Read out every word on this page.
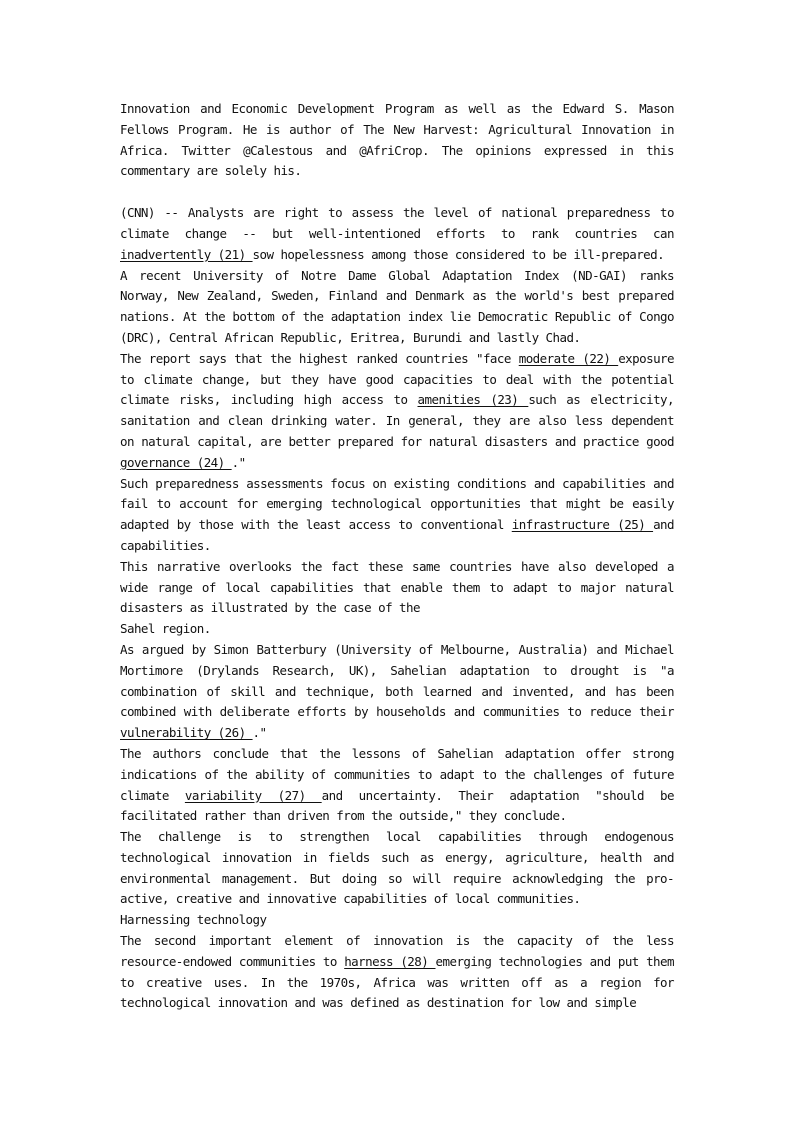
Innovation and Economic Development Program as well as the Edward S. Mason Fellows Program. He is author of The New Harvest: Agricultural Innovation in Africa. Twitter @Calestous and @AfriCrop. The opinions expressed in this commentary are solely his.

(CNN) -- Analysts are right to assess the level of national preparedness to climate change -- but well-intentioned efforts to rank countries can inadvertently (21) sow hopelessness among those considered to be ill-prepared.

A recent University of Notre Dame Global Adaptation Index (ND-GAI) ranks Norway, New Zealand, Sweden, Finland and Denmark as the world's best prepared nations. At the bottom of the adaptation index lie Democratic Republic of Congo (DRC), Central African Republic, Eritrea, Burundi and lastly Chad.

The report says that the highest ranked countries "face moderate (22) exposure to climate change, but they have good capacities to deal with the potential climate risks, including high access to amenities (23) such as electricity, sanitation and clean drinking water. In general, they are also less dependent on natural capital, are better prepared for natural disasters and practice good governance (24) ."

Such preparedness assessments focus on existing conditions and capabilities and fail to account for emerging technological opportunities that might be easily adapted by those with the least access to conventional infrastructure (25) and capabilities.

This narrative overlooks the fact these same countries have also developed a wide range of local capabilities that enable them to adapt to major natural disasters as illustrated by the case of the

Sahel region.

As argued by Simon Batterbury (University of Melbourne, Australia) and Michael Mortimore (Drylands Research, UK), Sahelian adaptation to drought is "a combination of skill and technique, both learned and invented, and has been combined with deliberate efforts by households and communities to reduce their vulnerability (26) ."

The authors conclude that the lessons of Sahelian adaptation offer strong indications of the ability of communities to adapt to the challenges of future climate variability (27) and uncertainty. Their adaptation "should be facilitated rather than driven from the outside," they conclude.

The challenge is to strengthen local capabilities through endogenous technological innovation in fields such as energy, agriculture, health and environmental management. But doing so will require acknowledging the pro-active, creative and innovative capabilities of local communities.

Harnessing technology

The second important element of innovation is the capacity of the less resource-endowed communities to harness (28) emerging technologies and put them to creative uses. In the 1970s, Africa was written off as a region for technological innovation and was defined as destination for low and simple
